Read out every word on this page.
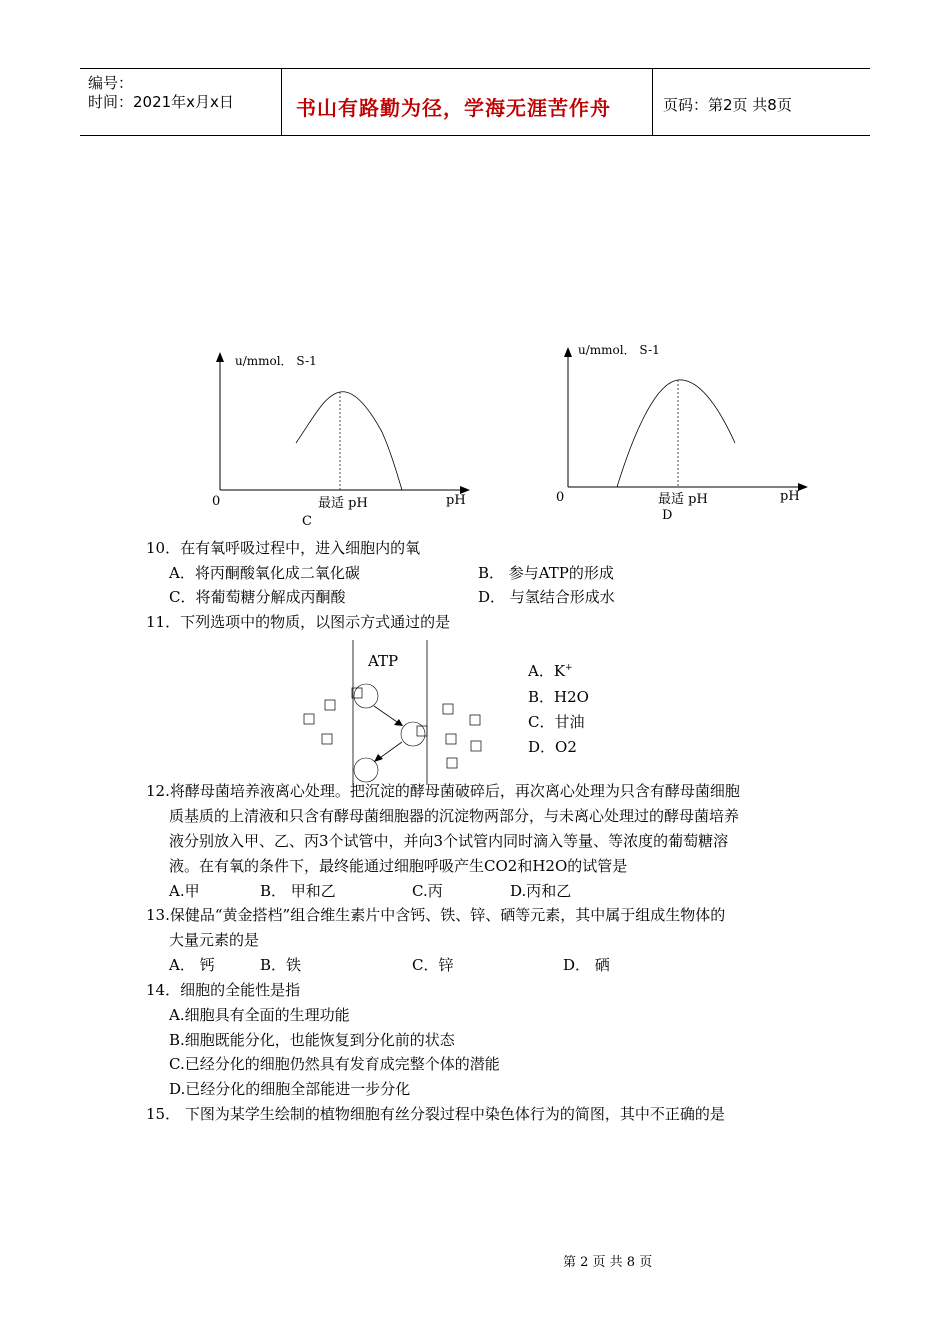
编号：
时间：2021年x月x日	书山有路勤为径，学海无涯苦作舟	页码：第2页 共8页
u/mmol． S-1
0	最适 pH	pH
C
u/mmol． S-1
0	最适 pH	pH
D
10．在有氧呼吸过程中，进入细胞内的氧
A．将丙酮酸氧化成二氧化碳	B． 参与ATP的形成
C．将葡萄糖分解成丙酮酸	D． 与氢结合形成水
11．下列选项中的物质，以图示方式通过的是
ATP
A．K+
B．H2O
C．甘油
D．O2
12.将酵母菌培养液离心处理。把沉淀的酵母菌破碎后，再次离心处理为只含有酵母菌细胞
质基质的上清液和只含有酵母菌细胞器的沉淀物两部分，与未离心处理过的酵母菌培养
液分别放入甲、乙、丙3个试管中，并向3个试管内同时滴入等量、等浓度的葡萄糖溶
液。在有氧的条件下，最终能通过细胞呼吸产生CO2和H2O的试管是
A.甲	B． 甲和乙	C.丙	D.丙和乙
13.保健品“黄金搭档”组合维生素片中含钙、铁、锌、硒等元素，其中属于组成生物体的
大量元素的是
A． 钙	B．铁	C．锌	D． 硒
14．细胞的全能性是指
A.细胞具有全面的生理功能
B.细胞既能分化，也能恢复到分化前的状态
C.已经分化的细胞仍然具有发育成完整个体的潜能
D.已经分化的细胞全部能进一步分化
15． 下图为某学生绘制的植物细胞有丝分裂过程中染色体行为的简图，其中不正确的是
第 2 页 共 8 页
